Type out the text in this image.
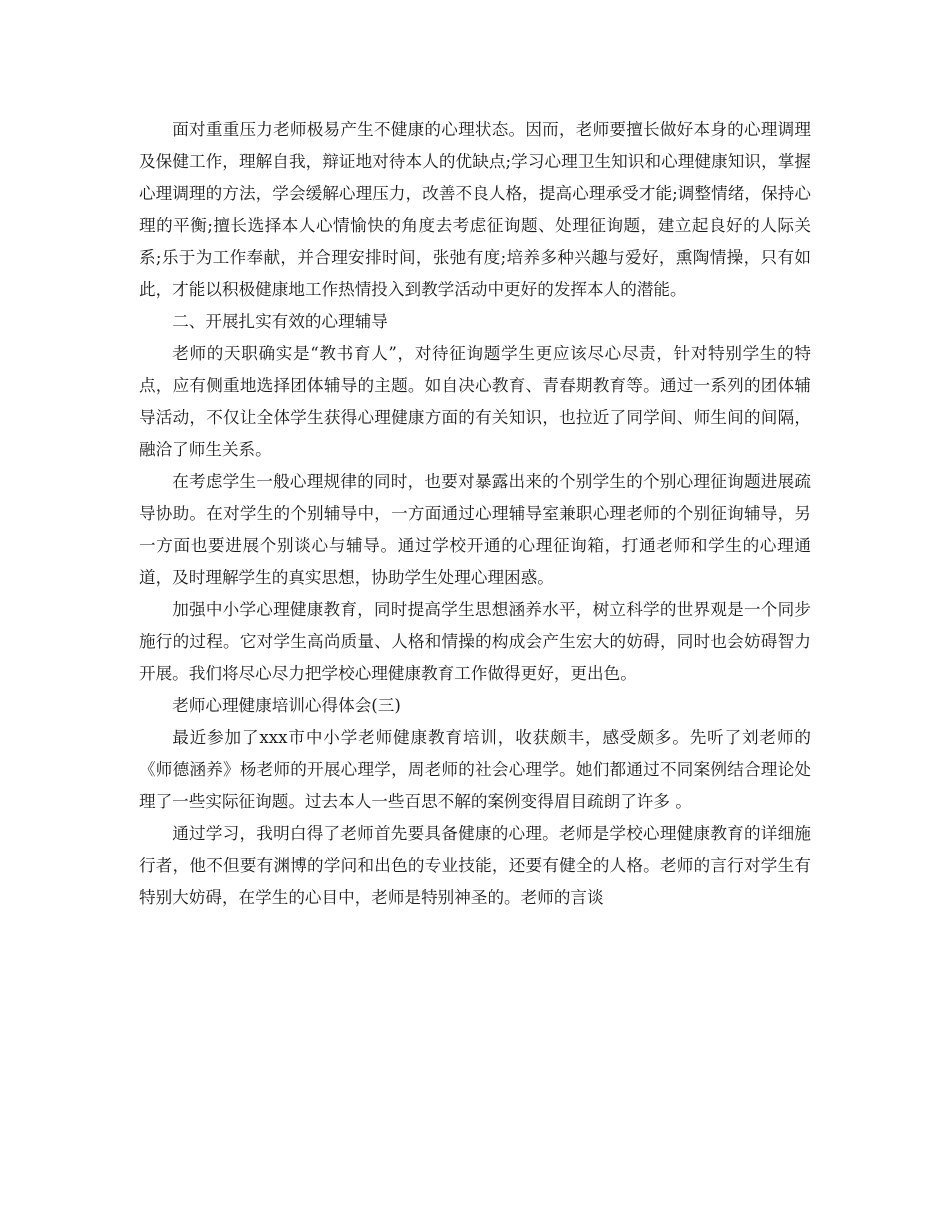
面对重重压力老师极易产生不健康的心理状态。因而，老师要擅长做好本身的心理调理及保健工作，理解自我，辩证地对待本人的优缺点;学习心理卫生知识和心理健康知识，掌握心理调理的方法，学会缓解心理压力，改善不良人格，提高心理承受才能;调整情绪，保持心理的平衡;擅长选择本人心情愉快的角度去考虑征询题、处理征询题，建立起良好的人际关系;乐于为工作奉献，并合理安排时间，张弛有度;培养多种兴趣与爱好，熏陶情操，只有如此，才能以积极健康地工作热情投入到教学活动中更好的发挥本人的潜能。

二、开展扎实有效的心理辅导

老师的天职确实是“教书育人”，对待征询题学生更应该尽心尽责，针对特别学生的特点，应有侧重地选择团体辅导的主题。如自决心教育、青春期教育等。通过一系列的团体辅导活动，不仅让全体学生获得心理健康方面的有关知识，也拉近了同学间、师生间的间隔，融洽了师生关系。

在考虑学生一般心理规律的同时，也要对暴露出来的个别学生的个别心理征询题进展疏导协助。在对学生的个别辅导中，一方面通过心理辅导室兼职心理老师的个别征询辅导，另一方面也要进展个别谈心与辅导。通过学校开通的心理征询箱，打通老师和学生的心理通道，及时理解学生的真实思想，协助学生处理心理困惑。

加强中小学心理健康教育，同时提高学生思想涵养水平，树立科学的世界观是一个同步施行的过程。它对学生高尚质量、人格和情操的构成会产生宏大的妨碍，同时也会妨碍智力开展。我们将尽心尽力把学校心理健康教育工作做得更好，更出色。

老师心理健康培训心得体会(三)

最近参加了xxx市中小学老师健康教育培训，收获颇丰，感受颇多。先听了刘老师的《师德涵养》杨老师的开展心理学，周老师的社会心理学。她们都通过不同案例结合理论处理了一些实际征询题。过去本人一些百思不解的案例变得眉目疏朗了许多 。

通过学习，我明白得了老师首先要具备健康的心理。老师是学校心理健康教育的详细施行者，他不但要有渊博的学问和出色的专业技能，还要有健全的人格。老师的言行对学生有特别大妨碍，在学生的心目中，老师是特别神圣的。老师的言谈
